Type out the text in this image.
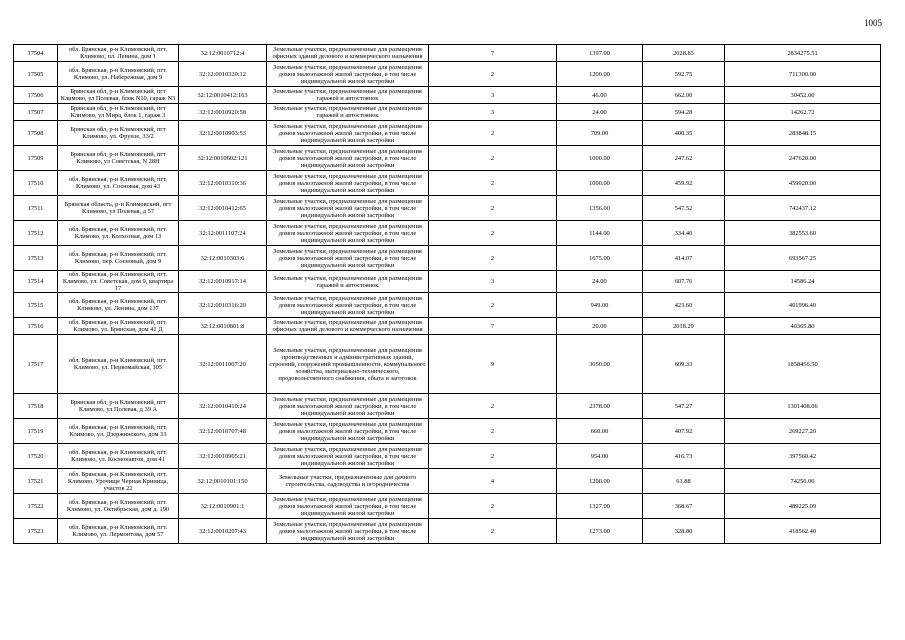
1005
17504	обл. Брянская, р-н Климовский, пгт. Климово, пл. Ленина, дом 1	32:12:0010712:4	Земельные участки, предназначенные для размещения офисных зданий делового и коммерческого назначения	7	1397.00	2028.83	2834275.51
17505	обл. Брянская, р-н Климовский, пгт. Климово, ул. Набережная, дом 9	32:12:0010320:12	Земельные участки, предназначенные для размещения домов малоэтажной жилой застройки, в том числе индивидуальной жилой застройки	2	1200.00	592.75	711300.00
17506	Брянская обл, р-н Климовский, пгт Климово, ул Полевая, блок N10, гараж N3	32:12:0010412:163	Земельные участки, предназначенные для размещения гаражей и автостоянок	3	46.00	662.00	30452.00
17507	Брянская обл, р-н Климовский, пгт Климово, ул Мира, блок 1, гараж 3	32:12:0010920:58	Земельные участки, предназначенные для размещения гаражей и автостоянок	3	24.00	594.28	14262.72
17508	Брянская обл, р-н Климовский, пгт Климово, ул. Фрунзе, 33/2	32:12:0010903:53	Земельные участки, предназначенные для размещения домов малоэтажной жилой застройки, в том числе индивидуальной жилой застройки	2	709.00	400.35	283848.15
17509	Брянская обл, р-н Климовский, пгт Климово, ул Советская, N 28Н	32:12:0010602:121	Земельные участки, предназначенные для размещения домов малоэтажной жилой застройки, в том числе индивидуальной жилой застройки	2	1000.00	247.62	247620.00
17510	обл. Брянская, р-н Климовский, пгт. Климово, ул. Сосновая, дом 43	32:12:0010310:36	Земельные участки, предназначенные для размещения домов малоэтажной жилой застройки, в том числе индивидуальной жилой застройки	2	1000.00	459.92	459920.00
17511	Брянская область, р-н Климовский, пгт Климово, ул Полевая, д 57	32:12:0010412:65	Земельные участки, предназначенные для размещения домов малоэтажной жилой застройки, в том числе индивидуальной жилой застройки	2	1356.00	547.52	742437.12
17512	обл. Брянская, р-н Климовский, пгт. Климово, ул. Колхозная, дом 13	32:12:0011107:24	Земельные участки, предназначенные для размещения домов малоэтажной жилой застройки, в том числе индивидуальной жилой застройки	2	1144.00	334.40	382553.60
17513	обл. Брянская, р-н Климовский, пгт. Климово, пер. Сосновый, дом 9	32:12:0010303:6	Земельные участки, предназначенные для размещения домов малоэтажной жилой застройки, в том числе индивидуальной жилой застройки	2	1675.00	414.07	693567.25
17514	обл. Брянская, р-н Климовский, пгт. Климово, ул. Советская, дом 9, квартира 17	32:12:0010917:14	Земельные участки, предназначенные для размещения гаражей и автостоянок	3	24.00	607.76	14586.24
17515	обл. Брянская, р-н Климовский, пгт. Климово, ул. Ленина, дом 137	32:12:0010316:20	Земельные участки, предназначенные для размещения домов малоэтажной жилой застройки, в том числе индивидуальной жилой застройки	2	949.00	423.60	401996.40
17516	обл. Брянская, р-н Климовский, пгт. Климово, ул. Брянская, дом 41 Д	32:12:0010801:8	Земельные участки, предназначенные для размещения офисных зданий делового и коммерческого назначения	7	20.00	2018.29	40365.80
17517	обл. Брянская, р-н Климовский, пгт. Климово, ул. Первомайская, 105	32:12:0011007:20	Земельные участки, предназначенные для размещения производственных и административных зданий, строений, сооружений промышленности, коммунального хозяйства, материально-технического, продовольственного снабжения, сбыта и заготовок	9	3050.00	609.33	1858456.50
17518	Брянская обл, р-н Климовский, пгт Климово, ул Полевая, д 39 А	32:12:0010410:24	Земельные участки, предназначенные для размещения домов малоэтажной жилой застройки, в том числе индивидуальной жилой застройки	2	2378.00	547.27	1301408.06
17519	обл. Брянская, р-н Климовский, пгт. Климово, ул. Дзержинского, дом 33	32:12:0010707:48	Земельные участки, предназначенные для размещения домов малоэтажной жилой застройки, в том числе индивидуальной жилой застройки	2	660.00	407.92	269227.20
17520	обл. Брянская, р-н Климовский, пгт. Климово, ул. Космонавтов, дом 41	32:12:0010905:21	Земельные участки, предназначенные для размещения домов малоэтажной жилой застройки, в том числе индивидуальной жилой застройки	2	954.00	416.73	397560.42
17521	обл. Брянская, р-н Климовский, пгт. Климово, Урочище Черная Криница, участок 22	32:12:0010101:150	Земельные участки, предназначенные для дачного строительства, садоводства и огородничества	4	1200.00	61.88	74256.00
17522	обл. Брянская, р-н Климовский, пгт. Климово, ул. Октябрьская, дом д. 190	32:12:0010901:1	Земельные участки, предназначенные для размещения домов малоэтажной жилой застройки, в том числе индивидуальной жилой застройки	2	1327.00	368.67	489225.09
17523	обл. Брянская, р-н Климовский, пгт. Климово, ул. Лермонтова, дом 57	32:12:0010207:43	Земельные участки, предназначенные для размещения домов малоэтажной жилой застройки, в том числе индивидуальной жилой застройки	2	1273.00	328.80	418562.40
